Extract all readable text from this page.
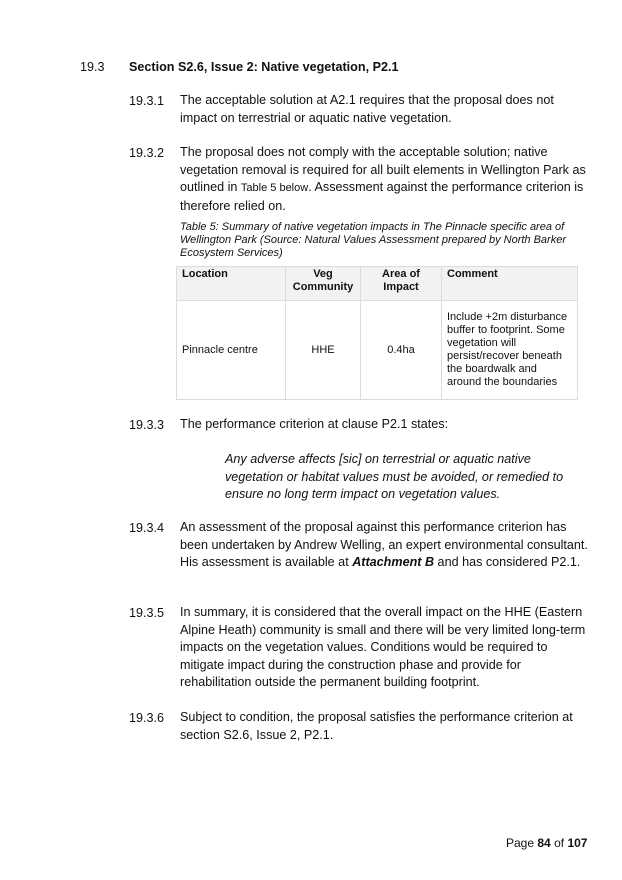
19.3 Section S2.6, Issue 2: Native vegetation, P2.1
19.3.1 The acceptable solution at A2.1 requires that the proposal does not impact on terrestrial or aquatic native vegetation.
19.3.2 The proposal does not comply with the acceptable solution; native vegetation removal is required for all built elements in Wellington Park as outlined in Table 5 below. Assessment against the performance criterion is therefore relied on.
Table 5: Summary of native vegetation impacts in The Pinnacle specific area of Wellington Park (Source: Natural Values Assessment prepared by North Barker Ecosystem Services)
Location	Veg Community	Area of Impact	Comment
Pinnacle centre	HHE	0.4ha	Include +2m disturbance buffer to footprint. Some vegetation will persist/recover beneath the boardwalk and around the boundaries
19.3.3 The performance criterion at clause P2.1 states:
Any adverse affects [sic] on terrestrial or aquatic native vegetation or habitat values must be avoided, or remedied to ensure no long term impact on vegetation values.
19.3.4 An assessment of the proposal against this performance criterion has been undertaken by Andrew Welling, an expert environmental consultant. His assessment is available at Attachment B and has considered P2.1.
19.3.5 In summary, it is considered that the overall impact on the HHE (Eastern Alpine Heath) community is small and there will be very limited long-term impacts on the vegetation values. Conditions would be required to mitigate impact during the construction phase and provide for rehabilitation outside the permanent building footprint.
19.3.6 Subject to condition, the proposal satisfies the performance criterion at section S2.6, Issue 2, P2.1.
Page 84 of 107
